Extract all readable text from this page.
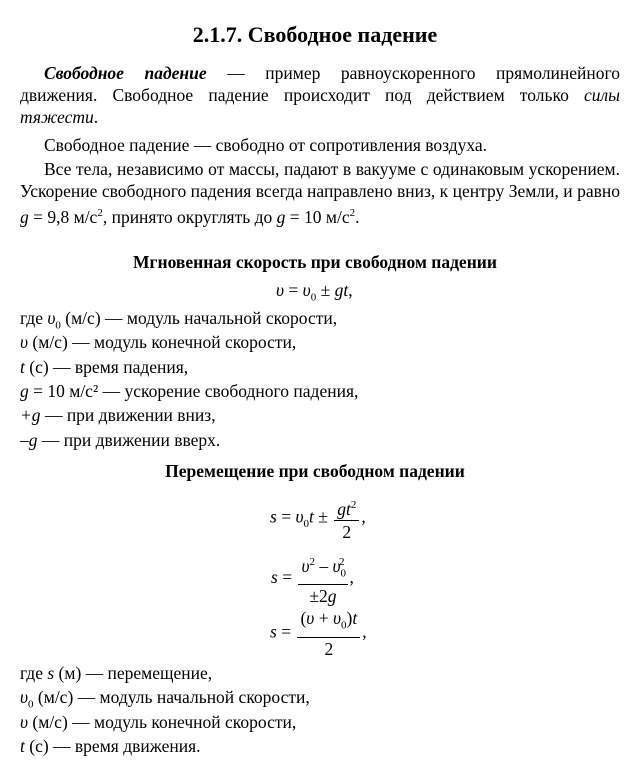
2.1.7. Свободное падение
Свободное падение — пример равноускоренного прямолинейного движения. Свободное падение происходит под действием только силы тяжести.
Свободное падение — свободно от сопротивления воздуха.
Все тела, независимо от массы, падают в вакууме с одинаковым ускорением. Ускорение свободного падения всегда направлено вниз, к центру Земли, и равно g = 9,8 $м/с^2$, принято округлять до g = 10 $м/с^2$.
Мгновенная скорость при свободном падении
$\upsilon = \upsilon_0$ ± gt,
где $\upsilon_0$ (м/с) — модуль начальной скорости,
υ (м/с) — модуль конечной скорости,
t (с) — время падения,
g = 10 м/с² — ускорение свободного падения,
+g — при движении вниз,
–g — при движении вверх.
Перемещение при свободном падении
$s = \upsilon_0t \pm \frac{gt^2}{2}$ ,
$s = \frac{\upsilon^2 - \upsilon_0^2}{\pm 2g}$ ,
$s = \frac{(\upsilon + \upsilon_0)t}{2}$ ,
где s (м) — перемещение,
$\upsilon_0$ (м/с) — модуль начальной скорости,
υ (м/с) — модуль конечной скорости,
t (с) — время движения.
